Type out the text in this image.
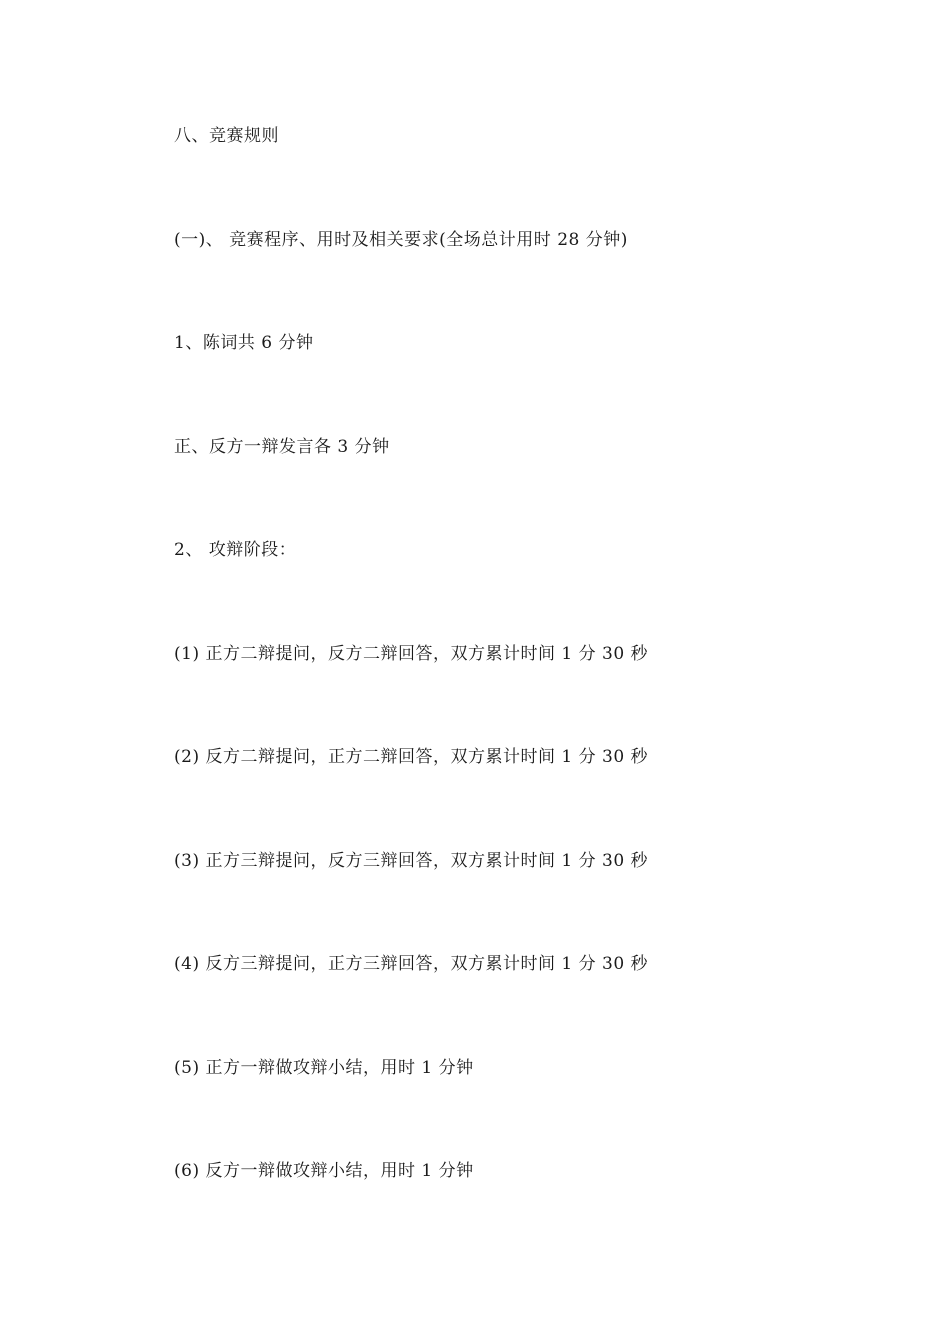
八、竞赛规则
(一)、 竞赛程序、用时及相关要求(全场总计用时 28 分钟)
1、陈词共 6 分钟
正、反方一辩发言各 3 分钟
2、 攻辩阶段：
(1) 正方二辩提问，反方二辩回答，双方累计时间 1 分 30 秒
(2) 反方二辩提问，正方二辩回答，双方累计时间 1 分 30 秒
(3) 正方三辩提问，反方三辩回答，双方累计时间 1 分 30 秒
(4) 反方三辩提问，正方三辩回答，双方累计时间 1 分 30 秒
(5) 正方一辩做攻辩小结，用时 1 分钟
(6) 反方一辩做攻辩小结，用时 1 分钟
